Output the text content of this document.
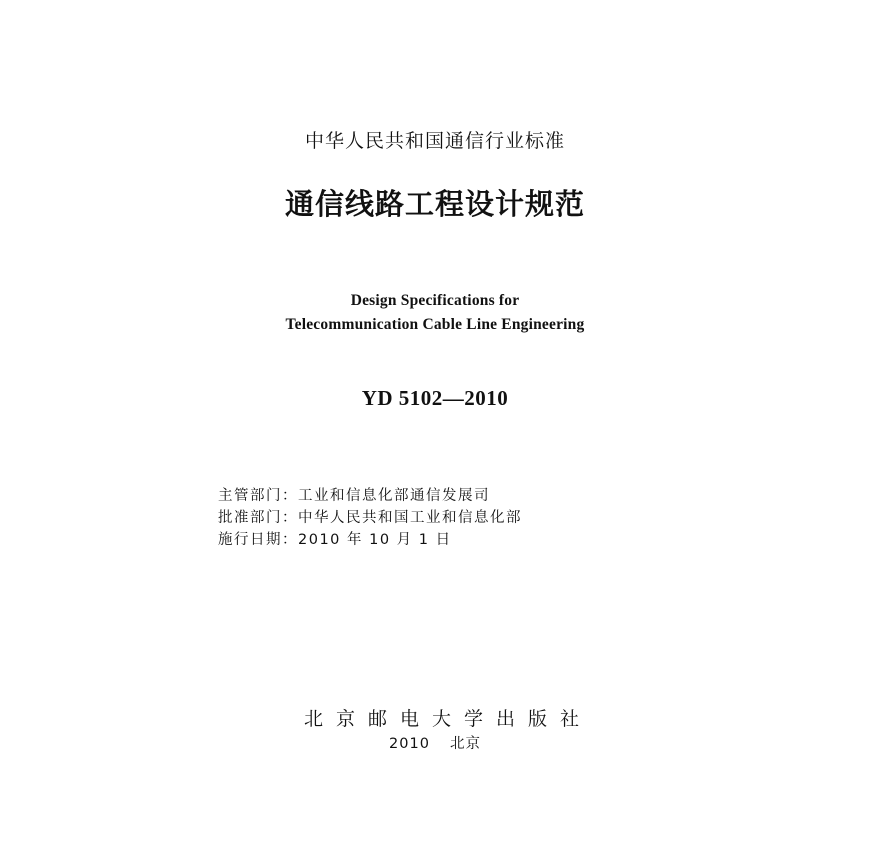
中华人民共和国通信行业标准
通信线路工程设计规范
Design Specifications for
Telecommunication Cable Line Engineering
YD 5102—2010
主管部门：工业和信息化部通信发展司
批准部门：中华人民共和国工业和信息化部
施行日期：2010 年 10 月 1 日
北京邮电大学出版社
2010 北京
